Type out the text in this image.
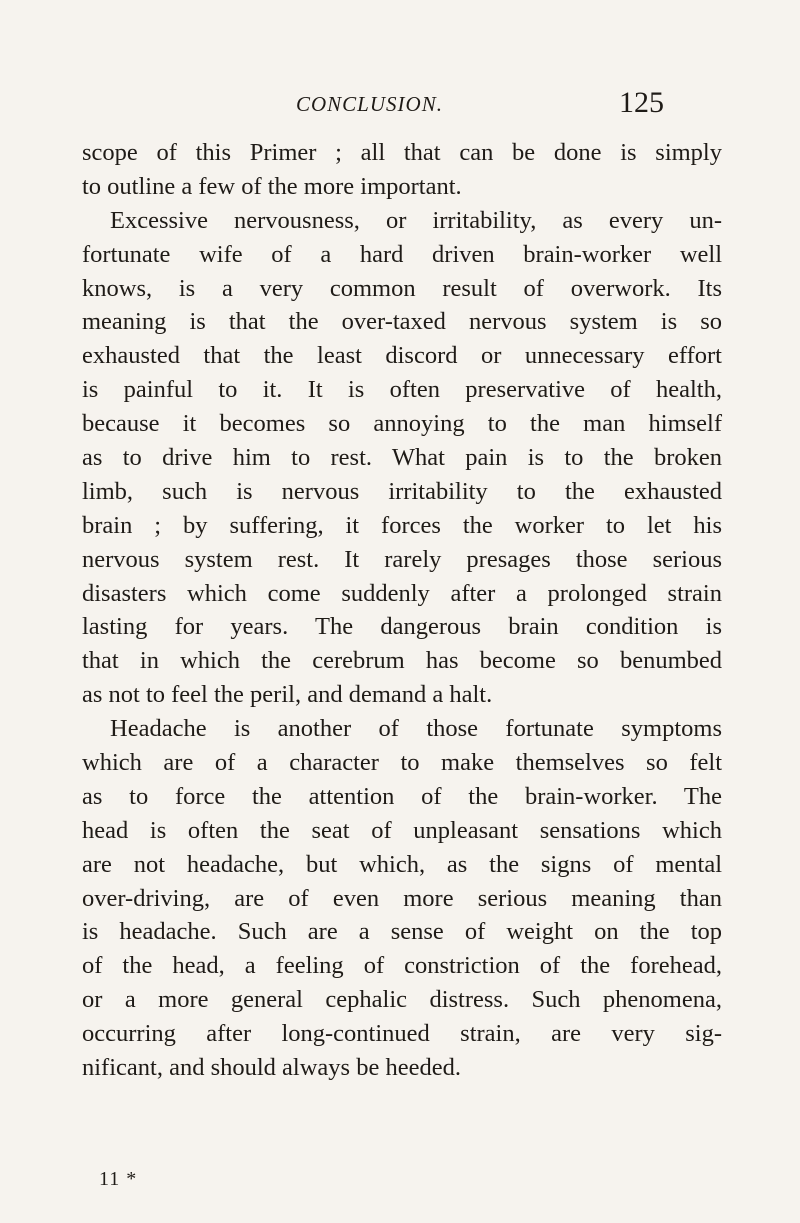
CONCLUSION.	125
scope of this Primer ; all that can be done is simply
to outline a few of the more important.
Excessive nervousness, or irritability, as every un-
fortunate wife of a hard driven brain-worker well
knows, is a very common result of overwork. Its
meaning is that the over-taxed nervous system is so
exhausted that the least discord or unnecessary effort
is painful to it. It is often preservative of health,
because it becomes so annoying to the man himself
as to drive him to rest. What pain is to the broken
limb, such is nervous irritability to the exhausted
brain ; by suffering, it forces the worker to let his
nervous system rest. It rarely presages those serious
disasters which come suddenly after a prolonged strain
lasting for years. The dangerous brain condition is
that in which the cerebrum has become so benumbed
as not to feel the peril, and demand a halt.
Headache is another of those fortunate symptoms
which are of a character to make themselves so felt
as to force the attention of the brain-worker. The
head is often the seat of unpleasant sensations which
are not headache, but which, as the signs of mental
over-driving, are of even more serious meaning than
is headache. Such are a sense of weight on the top
of the head, a feeling of constriction of the forehead,
or a more general cephalic distress. Such phenomena,
occurring after long-continued strain, are very sig-
nificant, and should always be heeded.
11 *
